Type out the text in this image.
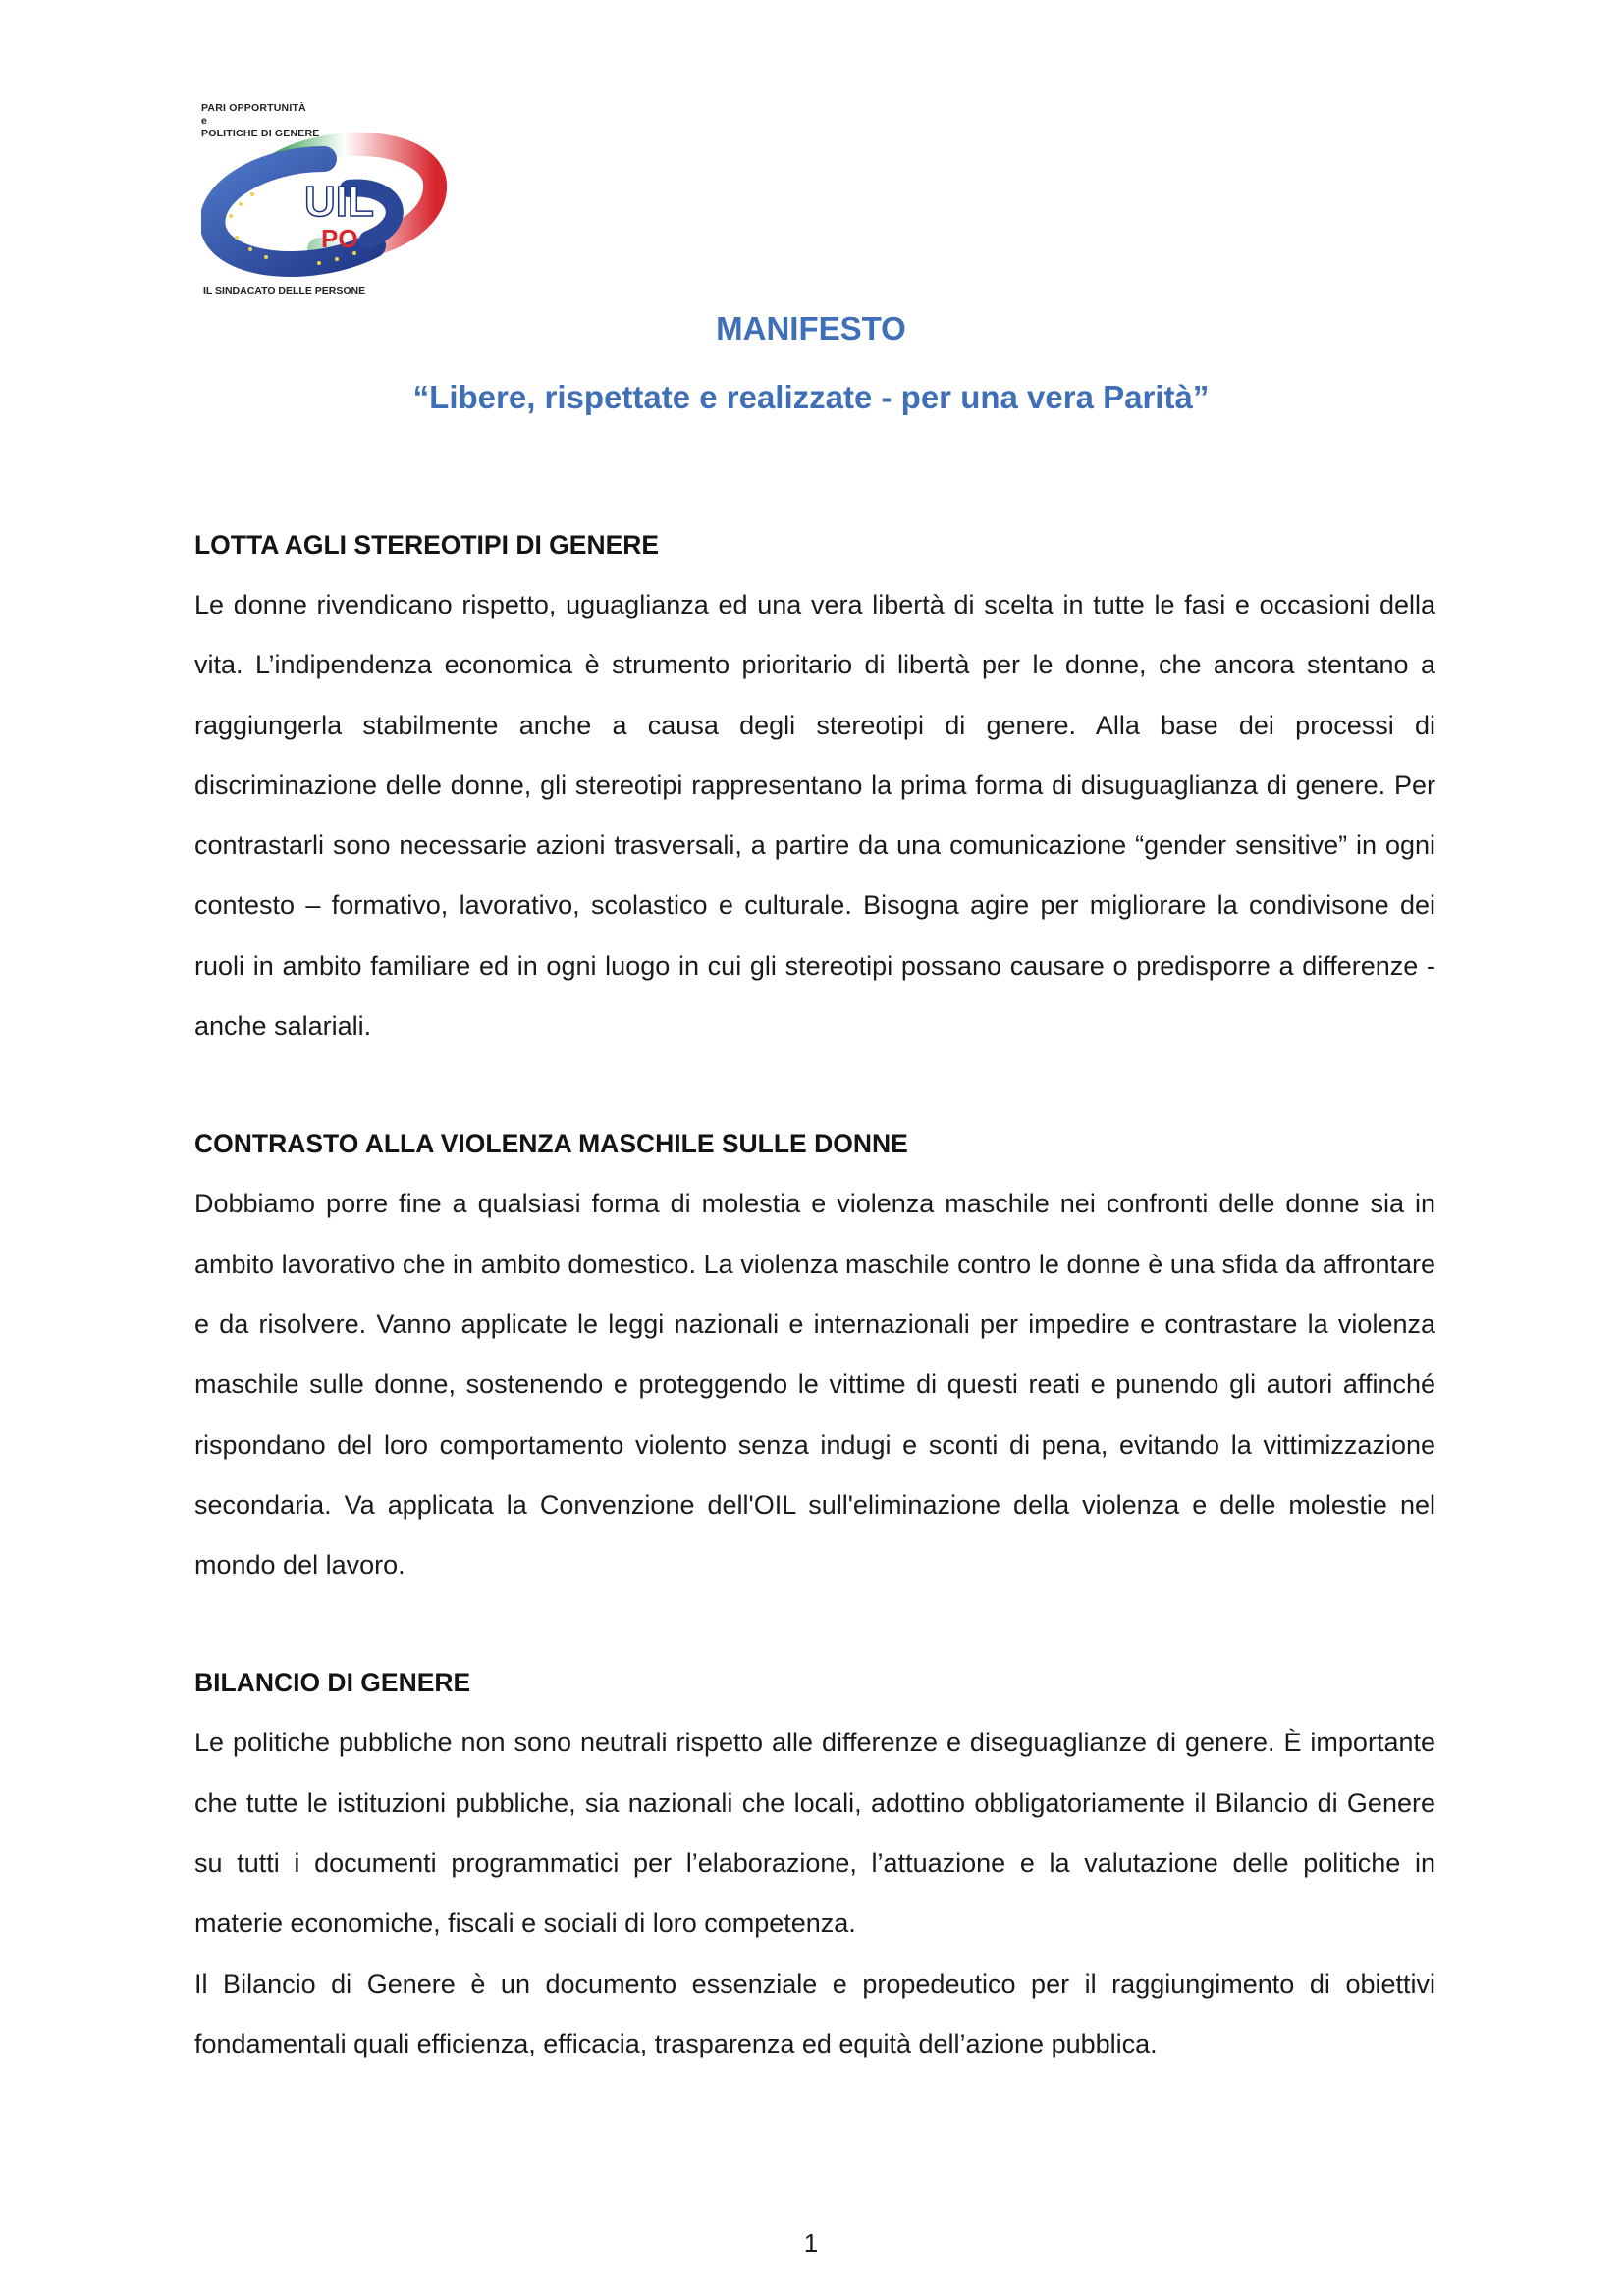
PARI OPPORTUNITÀ
e
POLITICHE DI GENERE
UIL
PO
IL SINDACATO DELLE PERSONE
MANIFESTO
“Libere, rispettate e realizzate - per una vera Parità”

LOTTA AGLI STEREOTIPI DI GENERE

Le donne rivendicano rispetto, uguaglianza ed una vera libertà di scelta in tutte le fasi e occasioni della vita. L’indipendenza economica è strumento prioritario di libertà per le donne, che ancora stentano a raggiungerla stabilmente anche a causa degli stereotipi di genere. Alla base dei processi di discriminazione delle donne, gli stereotipi rappresentano la prima forma di disuguaglianza di genere. Per contrastarli sono necessarie azioni trasversali, a partire da una comunicazione “gender sensitive” in ogni contesto – formativo, lavorativo, scolastico e culturale. Bisogna agire per migliorare la condivisone dei ruoli in ambito familiare ed in ogni luogo in cui gli stereotipi possano causare o predisporre a differenze - anche salariali.

CONTRASTO ALLA VIOLENZA MASCHILE SULLE DONNE

Dobbiamo porre fine a qualsiasi forma di molestia e violenza maschile nei confronti delle donne sia in ambito lavorativo che in ambito domestico. La violenza maschile contro le donne è una sfida da affrontare e da risolvere. Vanno applicate le leggi nazionali e internazionali per impedire e contrastare la violenza maschile sulle donne, sostenendo e proteggendo le vittime di questi reati e punendo gli autori affinché rispondano del loro comportamento violento senza indugi e sconti di pena, evitando la vittimizzazione secondaria. Va applicata la Convenzione dell'OIL sull'eliminazione della violenza e delle molestie nel mondo del lavoro.

BILANCIO DI GENERE

Le politiche pubbliche non sono neutrali rispetto alle differenze e diseguaglianze di genere. È importante che tutte le istituzioni pubbliche, sia nazionali che locali, adottino obbligatoriamente il Bilancio di Genere su tutti i documenti programmatici per l’elaborazione, l’attuazione e la valutazione delle politiche in materie economiche, fiscali e sociali di loro competenza.

Il Bilancio di Genere è un documento essenziale e propedeutico per il raggiungimento di obiettivi fondamentali quali efficienza, efficacia, trasparenza ed equità dell’azione pubblica.

1
